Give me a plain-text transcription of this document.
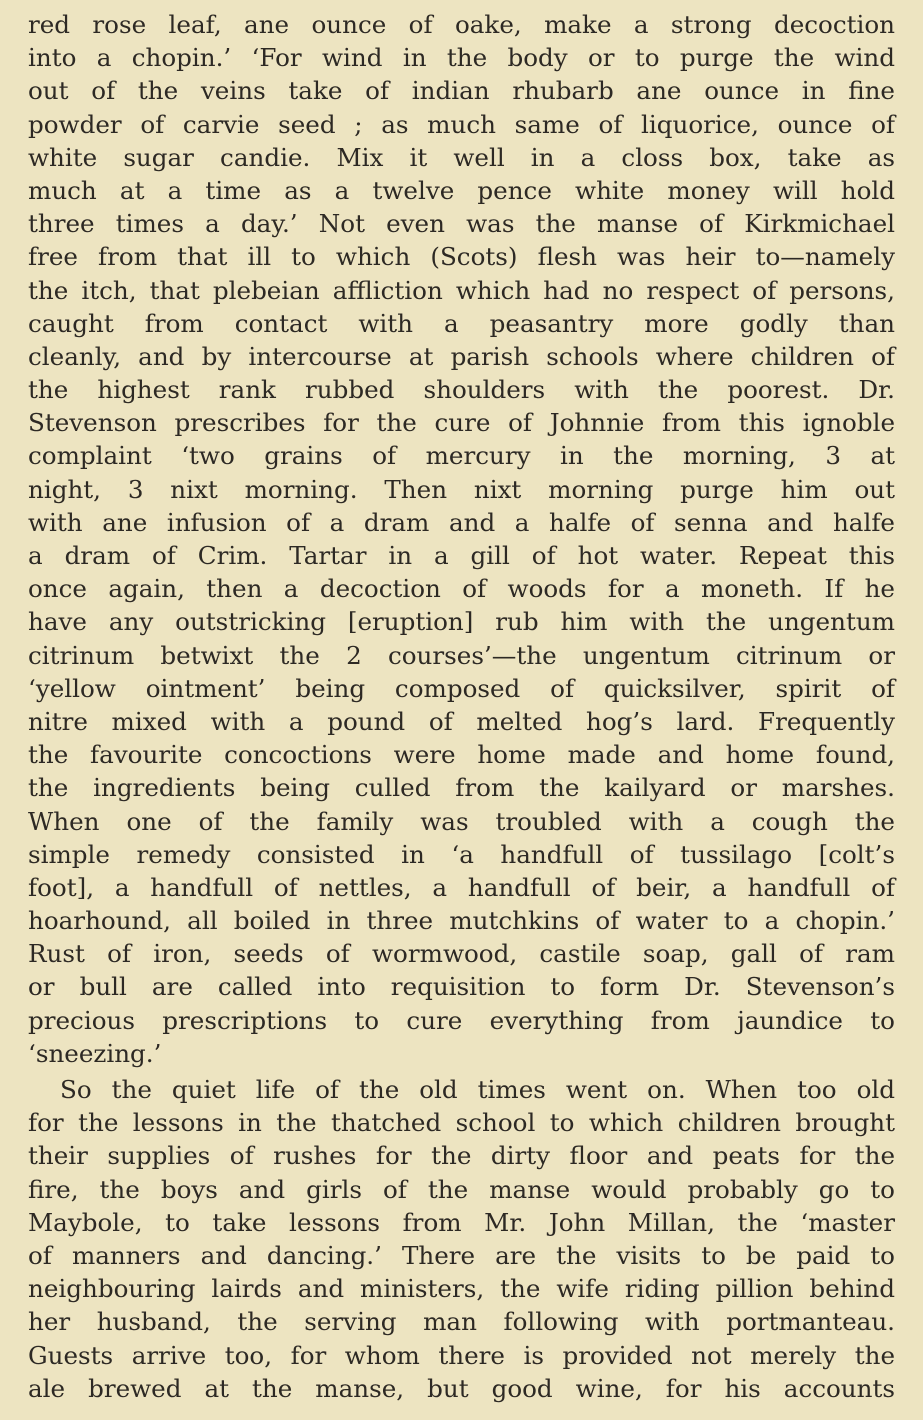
red rose leaf, ane ounce of oake, make a strong decoction
into a chopin.’ ‘For wind in the body or to purge the wind
out of the veins take of indian rhubarb ane ounce in fine
powder of carvie seed ; as much same of liquorice, ounce of
white sugar candie. Mix it well in a closs box, take as
much at a time as a twelve pence white money will hold
three times a day.’ Not even was the manse of Kirkmichael
free from that ill to which (Scots) flesh was heir to—namely
the itch, that plebeian affliction which had no respect of persons,
caught from contact with a peasantry more godly than
cleanly, and by intercourse at parish schools where children of
the highest rank rubbed shoulders with the poorest. Dr.
Stevenson prescribes for the cure of Johnnie from this ignoble
complaint ‘two grains of mercury in the morning, 3 at
night, 3 nixt morning. Then nixt morning purge him out
with ane infusion of a dram and a halfe of senna and halfe
a dram of Crim. Tartar in a gill of hot water. Repeat this
once again, then a decoction of woods for a moneth. If he
have any outstricking [eruption] rub him with the ungentum
citrinum betwixt the 2 courses’—the ungentum citrinum or
‘yellow ointment’ being composed of quicksilver, spirit of
nitre mixed with a pound of melted hog’s lard. Frequently
the favourite concoctions were home made and home found,
the ingredients being culled from the kailyard or marshes.
When one of the family was troubled with a cough the
simple remedy consisted in ‘a handfull of tussilago [colt’s
foot], a handfull of nettles, a handfull of beir, a handfull of
hoarhound, all boiled in three mutchkins of water to a chopin.’
Rust of iron, seeds of wormwood, castile soap, gall of ram
or bull are called into requisition to form Dr. Stevenson’s
precious prescriptions to cure everything from jaundice to
‘sneezing.’
So the quiet life of the old times went on. When too old
for the lessons in the thatched school to which children brought
their supplies of rushes for the dirty floor and peats for the
fire, the boys and girls of the manse would probably go to
Maybole, to take lessons from Mr. John Millan, the ‘master
of manners and dancing.’ There are the visits to be paid to
neighbouring lairds and ministers, the wife riding pillion behind
her husband, the serving man following with portmanteau.
Guests arrive too, for whom there is provided not merely the
ale brewed at the manse, but good wine, for his accounts
